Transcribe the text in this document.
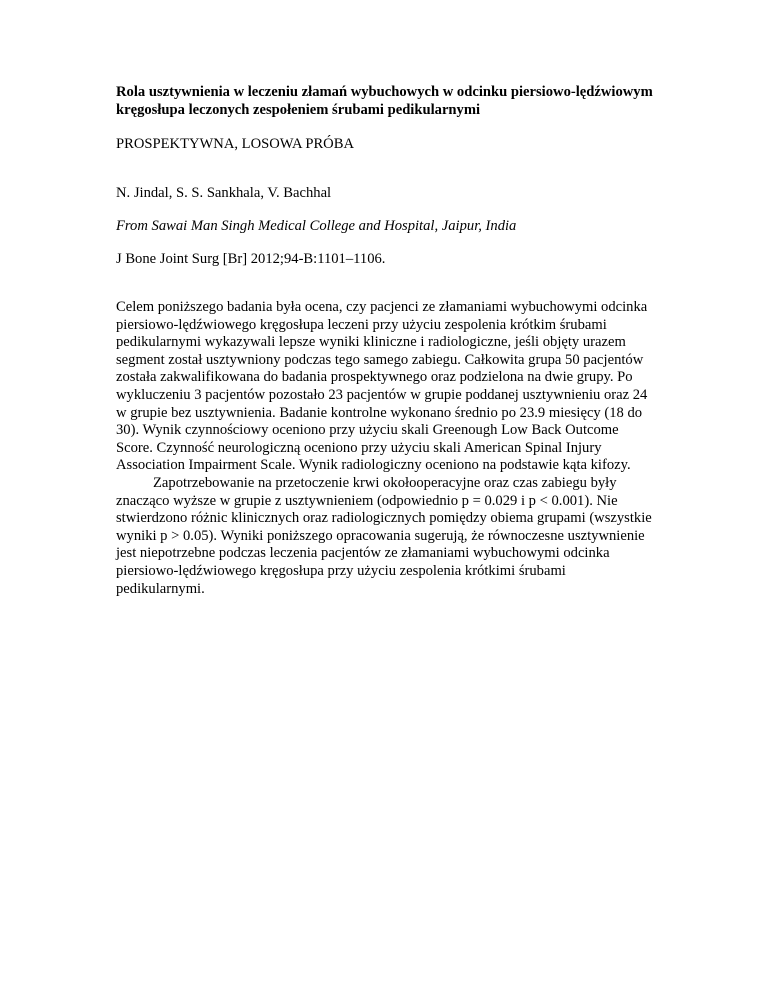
Rola usztywnienia w leczeniu złamań wybuchowych w odcinku piersiowo-lędźwiowym kręgosłupa leczonych zespołeniem śrubami pedikularnymi

PROSPEKTYWNA, LOSOWA PRÓBA

N. Jindal, S. S. Sankhala, V. Bachhal

From Sawai Man Singh Medical College and Hospital, Jaipur, India

J Bone Joint Surg [Br] 2012;94-B:1101–1106.

Celem poniższego badania była ocena, czy pacjenci ze złamaniami wybuchowymi odcinka piersiowo-lędźwiowego kręgosłupa leczeni przy użyciu zespolenia krótkim śrubami pedikularnymi wykazywali lepsze wyniki kliniczne i radiologiczne, jeśli objęty urazem segment został usztywniony podczas tego samego zabiegu. Całkowita grupa 50 pacjentów została zakwalifikowana do badania prospektywnego oraz podzielona na dwie grupy. Po wykluczeniu 3 pacjentów pozostało 23 pacjentów w grupie poddanej usztywnieniu oraz 24 w grupie bez usztywnienia. Badanie kontrolne wykonano średnio po 23.9 miesięcy (18 do 30). Wynik czynnościowy oceniono przy użyciu skali Greenough Low Back Outcome Score. Czynność neurologiczną oceniono przy użyciu skali American Spinal Injury Association Impairment Scale. Wynik radiologiczny oceniono na podstawie kąta kifozy.

Zapotrzebowanie na przetoczenie krwi okołooperacyjne oraz czas zabiegu były znacząco wyższe w grupie z usztywnieniem (odpowiednio p = 0.029 i p < 0.001). Nie stwierdzono różnic klinicznych oraz radiologicznych pomiędzy obiema grupami (wszystkie wyniki p > 0.05). Wyniki poniższego opracowania sugerują, że równoczesne usztywnienie jest niepotrzebne podczas leczenia pacjentów ze złamaniami wybuchowymi odcinka piersiowo-lędźwiowego kręgosłupa przy użyciu zespolenia krótkimi śrubami pedikularnymi.
